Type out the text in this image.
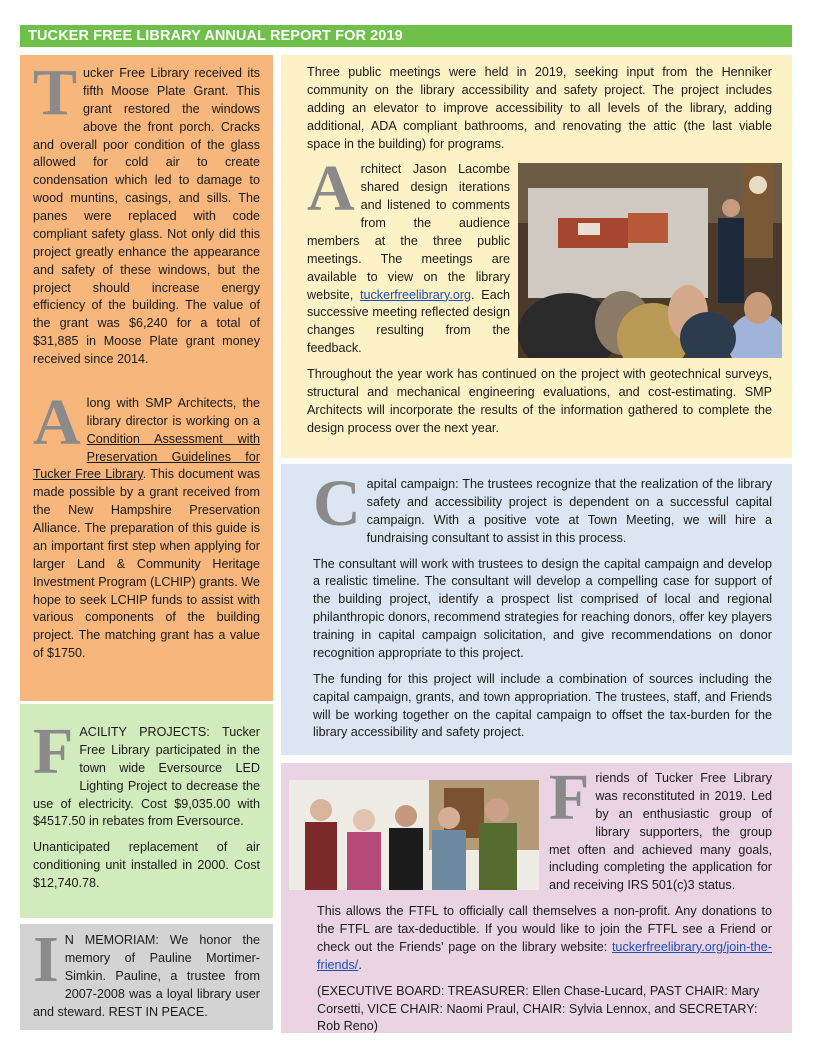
TUCKER FREE LIBRARY ANNUAL REPORT FOR 2019

Tucker Free Library received its fifth Moose Plate Grant. This grant restored the windows above the front porch. Cracks and overall poor condition of the glass allowed for cold air to create condensation which led to damage to wood muntins, casings, and sills. The panes were replaced with code compliant safety glass. Not only did this project greatly enhance the appearance and safety of these windows, but the project should increase energy efficiency of the building. The value of the grant was $6,240 for a total of $31,885 in Moose Plate grant money received since 2014.

Along with SMP Architects, the library director is working on a Condition Assessment with Preservation Guidelines for Tucker Free Library. This document was made possible by a grant received from the New Hampshire Preservation Alliance. The preparation of this guide is an important first step when applying for larger Land & Community Heritage Investment Program (LCHIP) grants. We hope to seek LCHIP funds to assist with various components of the building project. The matching grant has a value of $1750.

FACILITY PROJECTS: Tucker Free Library participated in the town wide Eversource LED Lighting Project to decrease the use of electricity. Cost $9,035.00 with $4517.50 in rebates from Eversource.

Unanticipated replacement of air conditioning unit installed in 2000. Cost $12,740.78.

I N MEMORIAM: We honor the memory of Pauline Mortimer-Simkin. Pauline, a trustee from 2007-2008 was a loyal library user and steward. REST IN PEACE.

Three public meetings were held in 2019, seeking input from the Henniker community on the library accessibility and safety project. The project includes adding an elevator to improve accessibility to all levels of the library, adding additional, ADA compliant bathrooms, and renovating the attic (the last viable space in the building) for programs.

Architect Jason Lacombe shared design iterations and listened to comments from the audience members at the three public meetings. The meetings are available to view on the library website, tuckerfreelibrary.org. Each successive meeting reflected design changes resulting from the feedback.

Throughout the year work has continued on the project with geotechnical surveys, structural and mechanical engineering evaluations, and cost-estimating. SMP Architects will incorporate the results of the information gathered to complete the design process over the next year.

Capital campaign: The trustees recognize that the realization of the library safety and accessibility project is dependent on a successful capital campaign. With a positive vote at Town Meeting, we will hire a fundraising consultant to assist in this process.

The consultant will work with trustees to design the capital campaign and develop a realistic timeline. The consultant will develop a compelling case for support of the building project, identify a prospect list comprised of local and regional philanthropic donors, recommend strategies for reaching donors, offer key players training in capital campaign solicitation, and give recommendations on donor recognition appropriate to this project.

The funding for this project will include a combination of sources including the capital campaign, grants, and town appropriation. The trustees, staff, and Friends will be working together on the capital campaign to offset the tax-burden for the library accessibility and safety project.

Friends of Tucker Free Library was reconstituted in 2019. Led by an enthusiastic group of library supporters, the group met often and achieved many goals, including completing the application for and receiving IRS 501(c)3 status.

This allows the FTFL to officially call themselves a non-profit. Any donations to the FTFL are tax-deductible. If you would like to join the FTFL see a Friend or check out the Friends' page on the library website: tuckerfreelibrary.org/join-the-friends/.

(EXECUTIVE BOARD: TREASURER: Ellen Chase-Lucard, PAST CHAIR: Mary Corsetti, VICE CHAIR: Naomi Praul, CHAIR: Sylvia Lennox, and SECRETARY: Rob Reno)
